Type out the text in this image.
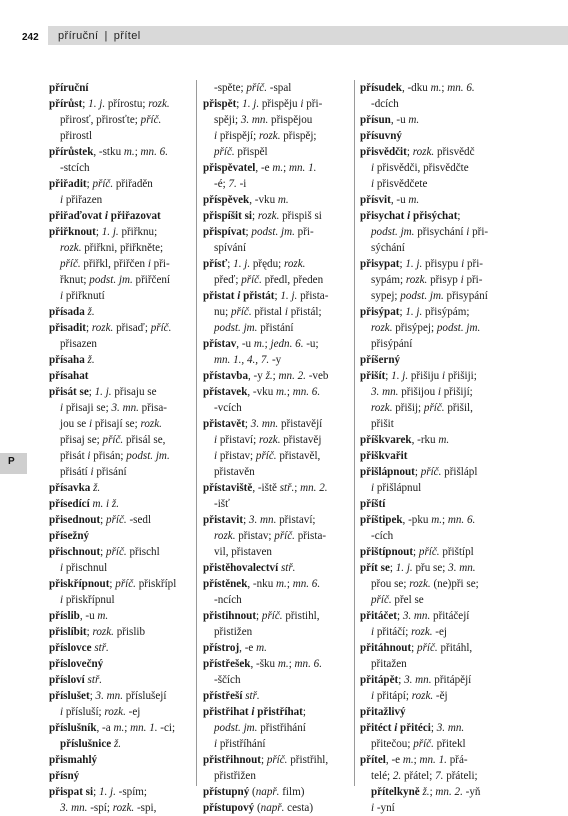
242 příruční | přítel
P

příruční

přírůst; 1. j. přírostu; rozk.

přirosť, přirosťte; příč.

přirostl

přírůstek, -stku m.; mn. 6.

-stcích

přiřadit; příč. přiřaděn

i přiřazen

přiřaďovat i přiřazovat

přiřknout; 1. j. přiřknu;

rozk. přiřkni, přiřkněte;

příč. přiřkl, přiřčen i při-

řknut; podst. jm. přiřčení

i přiřknutí

přísada ž.

přisadit; rozk. přisaď; příč.

přisazen

přísaha ž.

přísahat

přisát se; 1. j. přisaju se

i přisaji se; 3. mn. přisa-

jou se i přisají se; rozk.

přisaj se; příč. přisál se,

přisát i přisán; podst. jm.

přisátí i přisání

přísavka ž.

přísedící m. i ž.

přisednout; příč. -sedl

přísežný

přischnout; příč. přischl

i přischnul

přiskřípnout; příč. přiskřípl

i přiskřípnul

příslib, -u m.

přislíbit; rozk. přislib

příslovce stř.

příslovečný

přísloví stř.

příslušet; 3. mn. příslušejí

i přísluší; rozk. -ej

příslušník, -a m.; mn. 1. -ci;

příslušnice ž.

přismahlý

přísný

přispat si; 1. j. -spím;

3. mn. -spí; rozk. -spi,

-spěte; příč. -spal

přispět; 1. j. přispěju i při-

spěji; 3. mn. přispějou

i přispějí; rozk. přispěj;

příč. přispěl

přispěvatel, -e m.; mn. 1.

-é; 7. -i

příspěvek, -vku m.

přispíšit si; rozk. přispiš si

přispívat; podst. jm. při-

spívání

přísť; 1. j. přędu; rozk.

přeď; příč. předl, předen

přistat i přistát; 1. j. přista-

nu; příč. přistal i přistál;

podst. jm. přistání

přístav, -u m.; jedn. 6. -u;

mn. 1., 4., 7. -y

přístavba, -y ž.; mn. 2. -veb

přístavek, -vku m.; mn. 6.

-vcích

přistavět; 3. mn. přistavějí

i přistaví; rozk. přistavěj

i přistav; příč. přistavěl,

přistavěn

přístaviště, -iště stř.; mn. 2.

-išť

přistavit; 3. mn. přistaví;

rozk. přistav; příč. přista-

vil, přistaven

přistěhovalectví stř.

přístěnek, -nku m.; mn. 6.

-ncích

přistihnout; příč. přistihl,

přistižen

přístroj, -e m.

přístřešek, -šku m.; mn. 6.

-ščích

přístřeší stř.

přistřihat i přistříhat;

podst. jm. přistřihání

i přistříhání

přistřihnout; příč. přistřihl,

přistřižen

přístupný (např. film)

přístupový (např. cesta)

přísudek, -dku m.; mn. 6.

-dcích

přísun, -u m.

přísuvný

přisvědčit; rozk. přisvědč

i přisvědči, přisvědčte

i přisvědčete

přísvit, -u m.

přisychat i přisýchat;

podst. jm. přisychání i při-

sýchání

přisypat; 1. j. přisypu i při-

sypám; rozk. přisyp i při-

sypej; podst. jm. přisypání

přisýpat; 1. j. přisýpám;

rozk. přisýpej; podst. jm.

přisýpání

příšerný

přišít; 1. j. přišiju i přišiji;

3. mn. přišijou i přišijí;

rozk. přišij; příč. přišil,

přišit

příškvarek, -rku m.

přiškvařit

přišlápnout; příč. přišlápl

i přišlápnul

příští

příštipek, -pku m.; mn. 6.

-cích

přištípnout; příč. přištípl

přít se; 1. j. přu se; 3. mn.

přou se; rozk. (ne)při se;

příč. přel se

přitáčet; 3. mn. přitáčejí

i přitáčí; rozk. -ej

přitáhnout; příč. přitáhl,

přitažen

přitápět; 3. mn. přitápějí

i přitápí; rozk. -ěj

přitažlivý

přitéct i přitéci; 3. mn.

přitečou; příč. přitekl

přítel, -e m.; mn. 1. přá-

telé; 2. přátel; 7. přáteli;

přítelkyně ž.; mn. 2. -yň

i -yní
